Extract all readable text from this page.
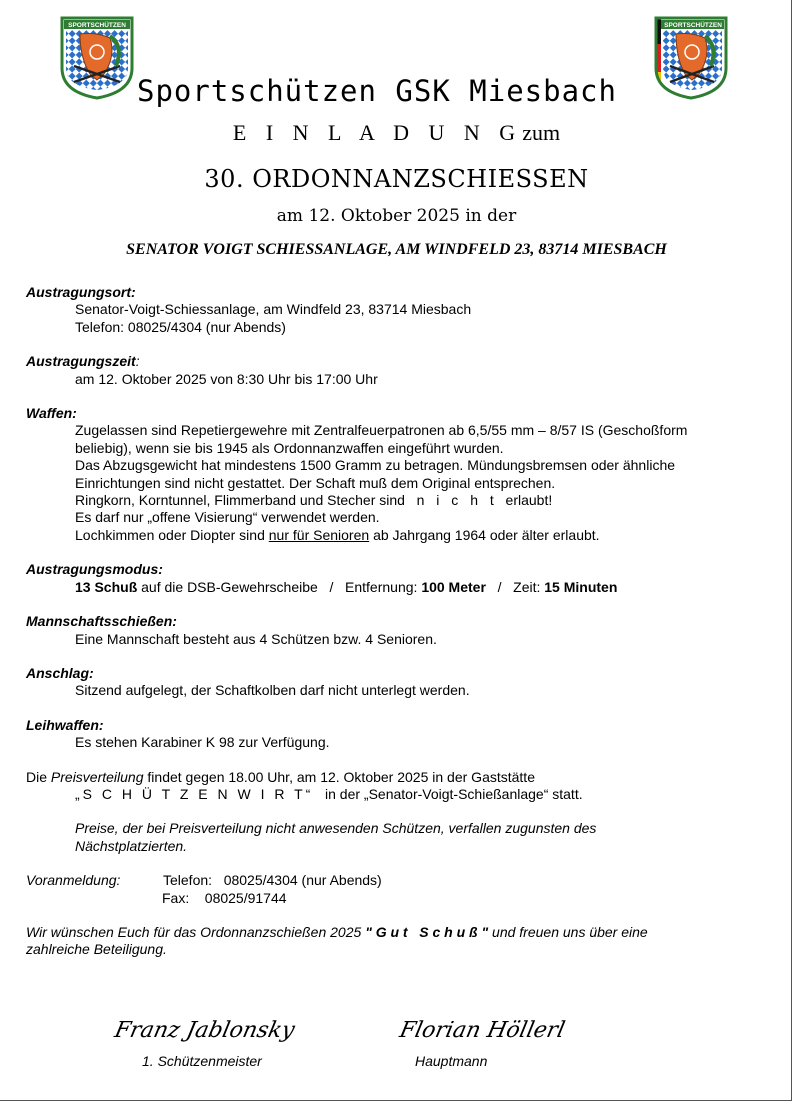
SPORTSCHÜTZEN	SPORTSCHÜTZEN
Sportschützen GSK Miesbach
E I N L A D U N Gzum
30. ORDONNANZSCHIESSEN
am 12. Oktober 2025 in der
SENATOR VOIGT SCHIESSANLAGE, AM WINDFELD 23, 83714 MIESBACH
Austragungsort:
Senator-Voigt-Schiessanlage, am Windfeld 23, 83714 Miesbach
Telefon: 08025/4304 (nur Abends)
Austragungszeit:
am 12. Oktober 2025 von 8:30 Uhr bis 17:00 Uhr
Waffen:
Zugelassen sind Repetiergewehre mit Zentralfeuerpatronen ab 6,5/55 mm – 8/57 IS (Geschoßform
beliebig), wenn sie bis 1945 als Ordonnanzwaffen eingeführt wurden.
Das Abzugsgewicht hat mindestens 1500 Gramm zu betragen. Mündungsbremsen oder ähnliche
Einrichtungen sind nicht gestattet. Der Schaft muß dem Original entsprechen.
Ringkorn, Korntunnel, Flimmerband und Stecher sind n i c h t erlaubt!
Es darf nur „offene Visierung“ verwendet werden.
Lochkimmen oder Diopter sind nur für Senioren ab Jahrgang 1964 oder älter erlaubt.
Austragungsmodus:
13 Schuß auf die DSB-Gewehrscheibe / Entfernung: 100 Meter / Zeit: 15 Minuten
Mannschaftsschießen:
Eine Mannschaft besteht aus 4 Schützen bzw. 4 Senioren.
Anschlag:
Sitzend aufgelegt, der Schaftkolben darf nicht unterlegt werden.
Leihwaffen:
Es stehen Karabiner K 98 zur Verfügung.
Die Preisverteilung findet gegen 18.00 Uhr, am 12. Oktober 2025 in der Gaststätte
„S C H Ü T Z E N W I R T“ in der „Senator-Voigt-Schießanlage“ statt.
Preise, der bei Preisverteilung nicht anwesenden Schützen, verfallen zugunsten des
Nächstplatzierten.
Voranmeldung:	Telefon:   08025/4304 (nur Abends)
Fax:    08025/91744
Wir wünschen Euch für das Ordonnanzschießen 2025 " G u t   S c h u ß " und freuen uns über eine
zahlreiche Beteiligung.
Franz Jablonsky
1. Schützenmeister
Florian Höllerl
Hauptmann
